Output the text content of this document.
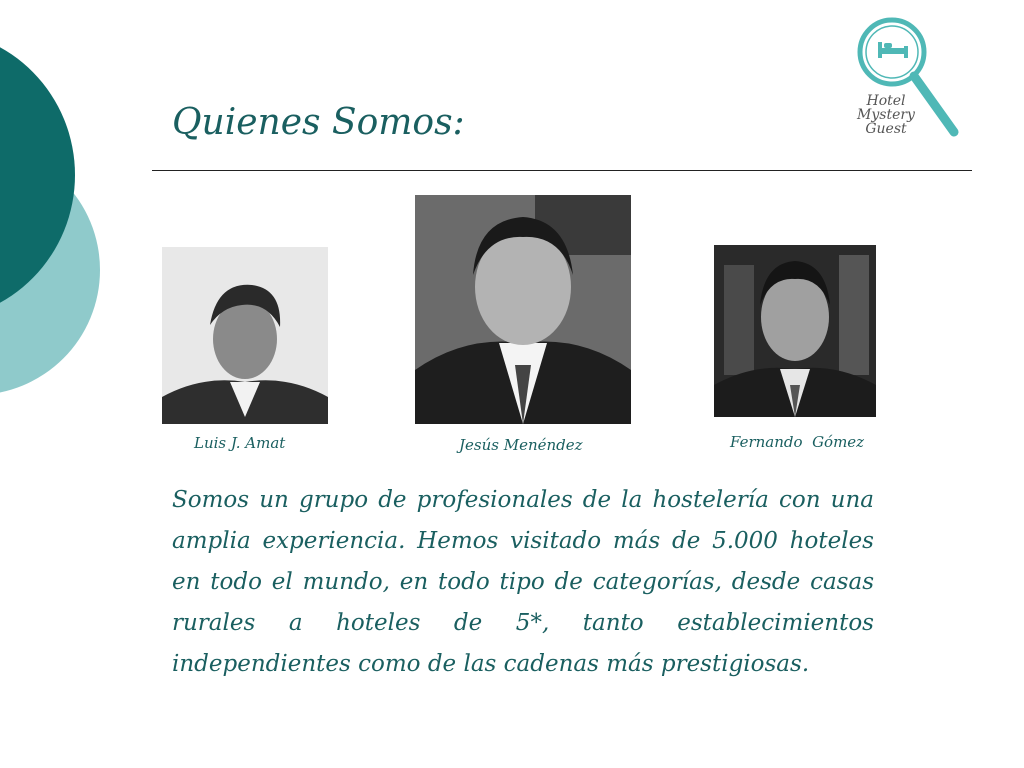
Quienes Somos:
Hotel
Mystery
Guest
Luis J. Amat	Jesús Menéndez	Fernando  Gómez

Somos un grupo de profesionales de la hostelería con una amplia experiencia. Hemos visitado más de 5.000 hoteles en todo el mundo, en todo tipo de categorías, desde casas rurales a hoteles de 5*, tanto establecimientos independientes como de las cadenas más prestigiosas.
